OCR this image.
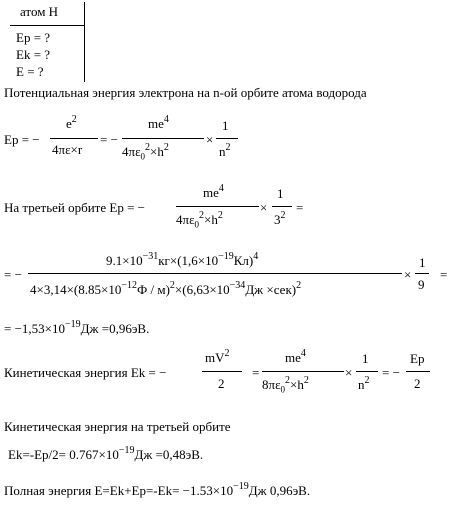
атом H
Ep = ?
Ek = ?
E = ?
Потенциальная энергия электрона на n-ой орбите атома водорода
Ep = −
$e^2$
4πε×r
= −
$me^4$
$4\pi\varepsilon_0^2\times h^2$
×
1
$n^2$
На третьей орбите Ep = −
$me^4$
$4\pi\varepsilon_0^2\times h^2$
×
1
$3^2$
=
= −
$9.1\times 10^{-31}кг\times(1,6\times 10^{-19}Кл)^4$
$4\times 3,14\times(8.85\times 10^{-12}Ф / м)^2\times(6,63\times 10^{-34}Дж \times сек)^2$
×
1
9
=
= $-1,53\times 10^{-19}Дж =0,96эВ$.
Кинетическая энергия Ek = −
$mV^2$
2
=
$me^4$
$8\pi\varepsilon_0^2\times h^2$
×
1
$n^2$
= −
Ep
2
Кинетическая энергия на третьей орбите
$Ek=-Ep/2= 0.767\times 10^{-19}Дж =0,48эВ$.
Полная энергия $E=Ek+Ep=-Ek= -1.53\times 10^{-19}Дж$ 0,96эВ.
